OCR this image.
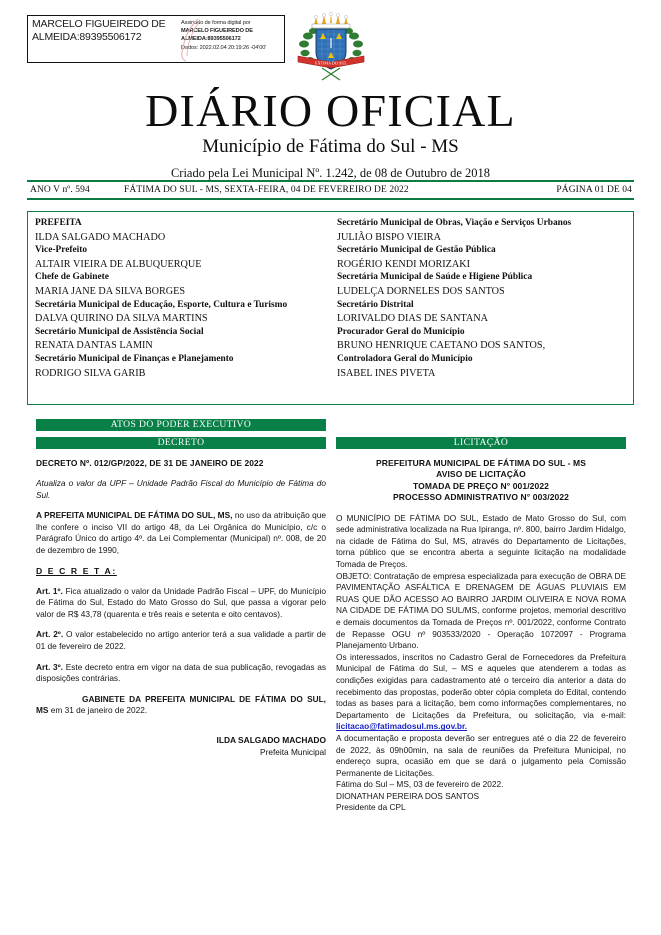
MARCELO FIGUEIREDO DE ALMEIDA:89395506172
Assinado de forma digital por
MARCELO FIGUEIREDO DE
ALMEIDA:89395506172
Dados: 2022.02.04 20:19:26 -04'00'
FÁTIMA DO SUL
DIÁRIO OFICIAL
Município de Fátima do Sul - MS
Criado pela Lei Municipal Nº. 1.242, de 08 de Outubro de 2018
ANO V nº. 594	FÁTIMA DO SUL - MS, SEXTA-FEIRA, 04 DE FEVEREIRO DE 2022	PÁGINA 01 DE 04
PREFEITA
ILDA SALGADO MACHADO
Vice-Prefeito
ALTAIR VIEIRA DE ALBUQUERQUE
Chefe de Gabinete
MARIA JANE DA SILVA BORGES
Secretária Municipal de Educação, Esporte, Cultura e Turismo
DALVA QUIRINO DA SILVA MARTINS
Secretário Municipal de Assistência Social
RENATA DANTAS LAMIN
Secretário Municipal de Finanças e Planejamento
RODRIGO SILVA GARIB
Secretário Municipal de Obras, Viação e Serviços Urbanos
JULIÃO BISPO VIEIRA
Secretário Municipal de Gestão Pública
ROGÉRIO KENDI MORIZAKI
Secretária Municipal de Saúde e Higiene Pública
LUDELÇA DORNELES DOS SANTOS
Secretário Distrital
LORIVALDO DIAS DE SANTANA
Procurador Geral do Município
BRUNO HENRIQUE CAETANO DOS SANTOS,
Controladora Geral do Município
ISABEL INES PIVETA
ATOS DO PODER EXECUTIVO
DECRETO	LICITAÇÃO
DECRETO Nº. 012/GP/2022, DE 31 DE JANEIRO DE 2022
Atualiza o valor da UPF – Unidade Padrão Fiscal do Município de Fátima do Sul.
A PREFEITA MUNICIPAL DE FÁTIMA DO SUL, MS, no uso da atribuição que lhe confere o inciso VII do artigo 48, da Lei Orgânica do Município, c/c o Parágrafo Único do artigo 4º. da Lei Complementar (Municipal) nº. 008, de 20 de dezembro de 1990,
D E C R E T A:
Art. 1º. Fica atualizado o valor da Unidade Padrão Fiscal – UPF, do Município de Fátima do Sul, Estado do Mato Grosso do Sul, que passa a vigorar pelo valor de R$ 43,78 (quarenta e três reais e setenta e oito centavos).
Art. 2º. O valor estabelecido no artigo anterior terá a sua validade a partir de 01 de fevereiro de 2022.
Art. 3º. Este decreto entra em vigor na data de sua publicação, revogadas as disposições contrárias.
GABINETE DA PREFEITA MUNICIPAL DE FÁTIMA DO SUL, MS em 31 de janeiro de 2022.
ILDA SALGADO MACHADO
Prefeita Municipal
PREFEITURA MUNICIPAL DE FÁTIMA DO SUL - MS
AVISO DE LICITAÇÃO
TOMADA DE PREÇO N° 001/2022
PROCESSO ADMINISTRATIVO N° 003/2022
O MUNICÍPIO DE FÁTIMA DO SUL, Estado de Mato Grosso do Sul, com sede administrativa localizada na Rua Ipiranga, nº. 800, bairro Jardim Hidalgo, na cidade de Fátima do Sul, MS, através do Departamento de Licitações, torna público que se encontra aberta a seguinte licitação na modalidade Tomada de Preços.
OBJETO: Contratação de empresa especializada para execução de OBRA DE PAVIMENTAÇÃO ASFÁLTICA E DRENAGEM DE ÁGUAS PLUVIAIS EM RUAS QUE DÃO ACESSO AO BAIRRO JARDIM OLIVEIRA E NOVA ROMA NA CIDADE DE FÁTIMA DO SUL/MS, conforme projetos, memorial descritivo e demais documentos da Tomada de Preços nº. 001/2022, conforme Contrato de Repasse OGU nº 903533/2020 - Operação 1072097 - Programa Planejamento Urbano.
Os interessados, inscritos no Cadastro Geral de Fornecedores da Prefeitura Municipal de Fátima do Sul, – MS e aqueles que atenderem a todas as condições exigidas para cadastramento até o terceiro dia anterior a data do recebimento das propostas, poderão obter cópia completa do Edital, contendo todas as bases para a licitação, bem como informações complementares, no Departamento de Licitações da Prefeitura, ou solicitação, via e-mail: licitacao@fatimadosul.ms.gov.br.
A documentação e proposta deverão ser entregues até o dia 22 de fevereiro de 2022, às 09h00min, na sala de reuniões da Prefeitura Municipal, no endereço supra, ocasião em que se dará o julgamento pela Comissão Permanente de Licitações.
Fátima do Sul – MS, 03 de fevereiro de 2022.
DIONATHAN PEREIRA DOS SANTOS
Presidente da CPL
